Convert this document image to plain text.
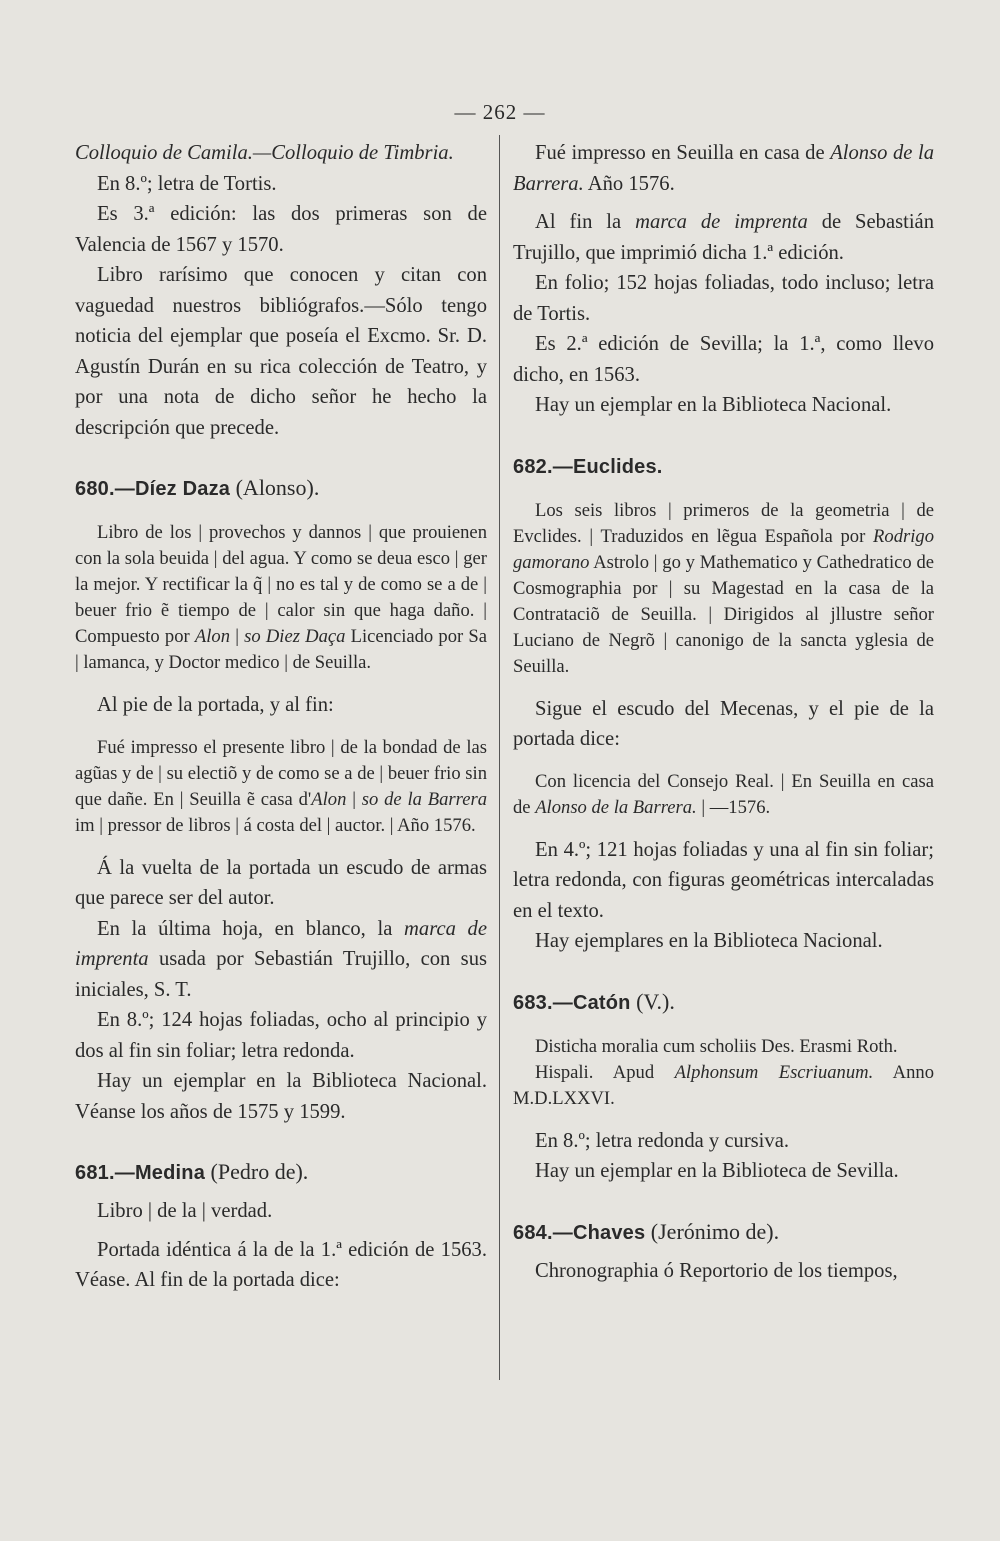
— 262 —

Colloquio de Camila.—Colloquio de Timbria.

En 8.º; letra de Tortis.

Es 3.ª edición: las dos primeras son de Valencia de 1567 y 1570.

Libro rarísimo que conocen y citan con vaguedad nuestros bibliógrafos.—Sólo tengo noticia del ejemplar que poseía el Excmo. Sr. D. Agustín Durán en su rica colección de Teatro, y por una nota de dicho señor he hecho la descripción que precede.

680.—Díez Daza (Alonso).

Libro de los | provechos y dannos | que prouienen con la sola beuida | del agua. Y como se deua esco | ger la mejor. Y rectificar la q̃ | no es tal y de como se a de | beuer frio ẽ tiempo de | calor sin que haga daño. | Compuesto por Alon | so Diez Daça Licenciado por Sa | lamanca, y Doctor medico | de Seuilla.

Al pie de la portada, y al fin:

Fué impresso el presente libro | de la bondad de las agũas y de | su electiõ y de como se a de | beuer frio sin que dañe. En | Seuilla ẽ casa d'Alon | so de la Barrera im | pressor de libros | á costa del | auctor. | Año 1576.

Á la vuelta de la portada un escudo de armas que parece ser del autor.

En la última hoja, en blanco, la marca de imprenta usada por Sebastián Trujillo, con sus iniciales, S. T.

En 8.º; 124 hojas foliadas, ocho al principio y dos al fin sin foliar; letra redonda.

Hay un ejemplar en la Biblioteca Nacional. Véanse los años de 1575 y 1599.

681.—Medina (Pedro de).

Libro | de la | verdad.

Portada idéntica á la de la 1.ª edición de 1563. Véase. Al fin de la portada dice:

Fué impresso en Seuilla en casa de Alonso de la Barrera. Año 1576.

Al fin la marca de imprenta de Sebastián Trujillo, que imprimió dicha 1.ª edición.

En folio; 152 hojas foliadas, todo incluso; letra de Tortis.

Es 2.ª edición de Sevilla; la 1.ª, como llevo dicho, en 1563.

Hay un ejemplar en la Biblioteca Nacional.

682.—Euclides.

Los seis libros | primeros de la geometria | de Evclides. | Traduzidos en lẽgua Española por Rodrigo gamorano Astrolo | go y Mathematico y Cathedratico de Cosmographia por | su Magestad en la casa de la Contrataciõ de Seuilla. | Dirigidos al jllustre señor Luciano de Negrõ | canonigo de la sancta yglesia de Seuilla.

Sigue el escudo del Mecenas, y el pie de la portada dice:

Con licencia del Consejo Real. | En Seuilla en casa de Alonso de la Barrera. | —1576.

En 4.º; 121 hojas foliadas y una al fin sin foliar; letra redonda, con figuras geométricas intercaladas en el texto.

Hay ejemplares en la Biblioteca Nacional.

683.—Catón (V.).

Disticha moralia cum scholiis Des. Erasmi Roth.

Hispali. Apud Alphonsum Escriuanum. Anno M.D.LXXVI.

En 8.º; letra redonda y cursiva.

Hay un ejemplar en la Biblioteca de Sevilla.

684.—Chaves (Jerónimo de).

Chronographia ó Reportorio de los tiempos,
